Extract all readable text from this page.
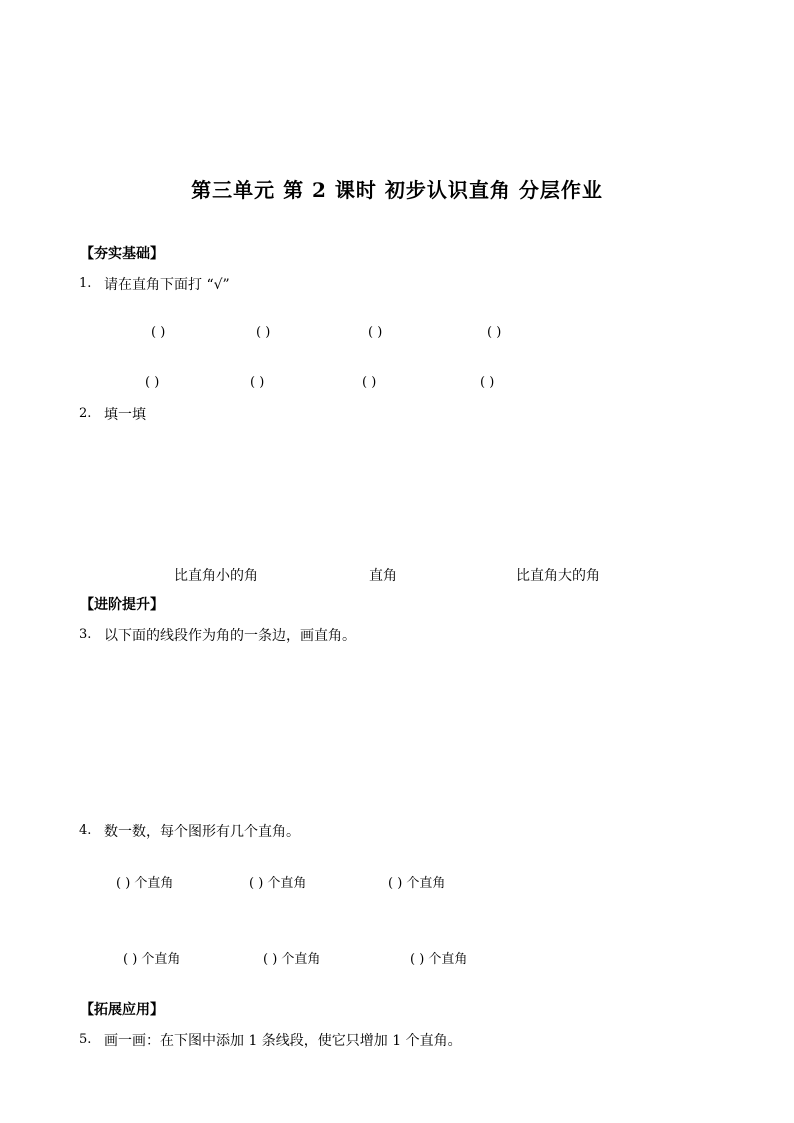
第三单元 第 2 课时 初步认识直角 分层作业
【夯实基础】
1. 请在直角下面打 “√”
( )	( )	( )	( )
( )	( )	( )	( )
2. 填一填
比直角小的角	直角	比直角大的角
【进阶提升】
3. 以下面的线段作为角的一条边，画直角。
4. 数一数，每个图形有几个直角。
( ) 个直角	( ) 个直角	( ) 个直角
( ) 个直角	( ) 个直角	( ) 个直角
【拓展应用】
5. 画一画：在下图中添加 1 条线段，使它只增加 1 个直角。
